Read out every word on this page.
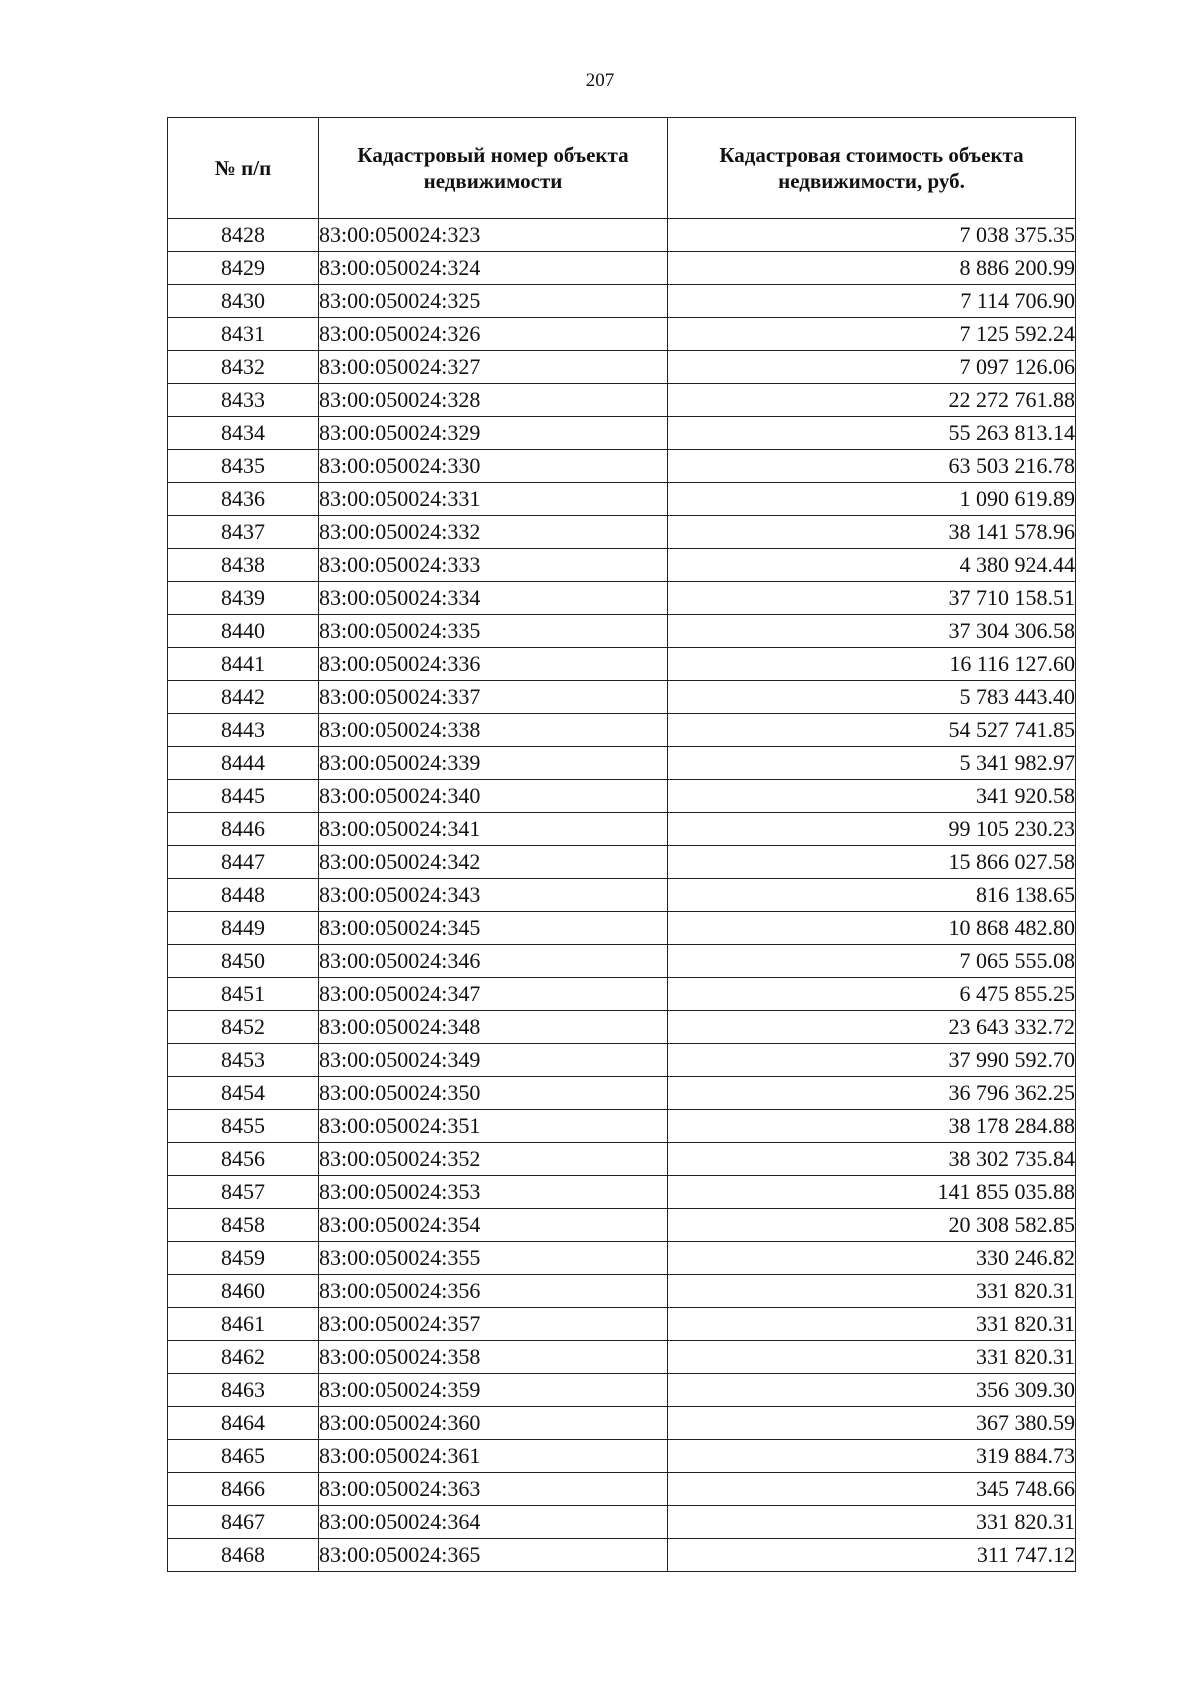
207
№ п/п	Кадастровый номер объекта недвижимости	Кадастровая стоимость объекта недвижимости, руб.
8428	83:00:050024:323	7 038 375.35
8429	83:00:050024:324	8 886 200.99
8430	83:00:050024:325	7 114 706.90
8431	83:00:050024:326	7 125 592.24
8432	83:00:050024:327	7 097 126.06
8433	83:00:050024:328	22 272 761.88
8434	83:00:050024:329	55 263 813.14
8435	83:00:050024:330	63 503 216.78
8436	83:00:050024:331	1 090 619.89
8437	83:00:050024:332	38 141 578.96
8438	83:00:050024:333	4 380 924.44
8439	83:00:050024:334	37 710 158.51
8440	83:00:050024:335	37 304 306.58
8441	83:00:050024:336	16 116 127.60
8442	83:00:050024:337	5 783 443.40
8443	83:00:050024:338	54 527 741.85
8444	83:00:050024:339	5 341 982.97
8445	83:00:050024:340	341 920.58
8446	83:00:050024:341	99 105 230.23
8447	83:00:050024:342	15 866 027.58
8448	83:00:050024:343	816 138.65
8449	83:00:050024:345	10 868 482.80
8450	83:00:050024:346	7 065 555.08
8451	83:00:050024:347	6 475 855.25
8452	83:00:050024:348	23 643 332.72
8453	83:00:050024:349	37 990 592.70
8454	83:00:050024:350	36 796 362.25
8455	83:00:050024:351	38 178 284.88
8456	83:00:050024:352	38 302 735.84
8457	83:00:050024:353	141 855 035.88
8458	83:00:050024:354	20 308 582.85
8459	83:00:050024:355	330 246.82
8460	83:00:050024:356	331 820.31
8461	83:00:050024:357	331 820.31
8462	83:00:050024:358	331 820.31
8463	83:00:050024:359	356 309.30
8464	83:00:050024:360	367 380.59
8465	83:00:050024:361	319 884.73
8466	83:00:050024:363	345 748.66
8467	83:00:050024:364	331 820.31
8468	83:00:050024:365	311 747.12
